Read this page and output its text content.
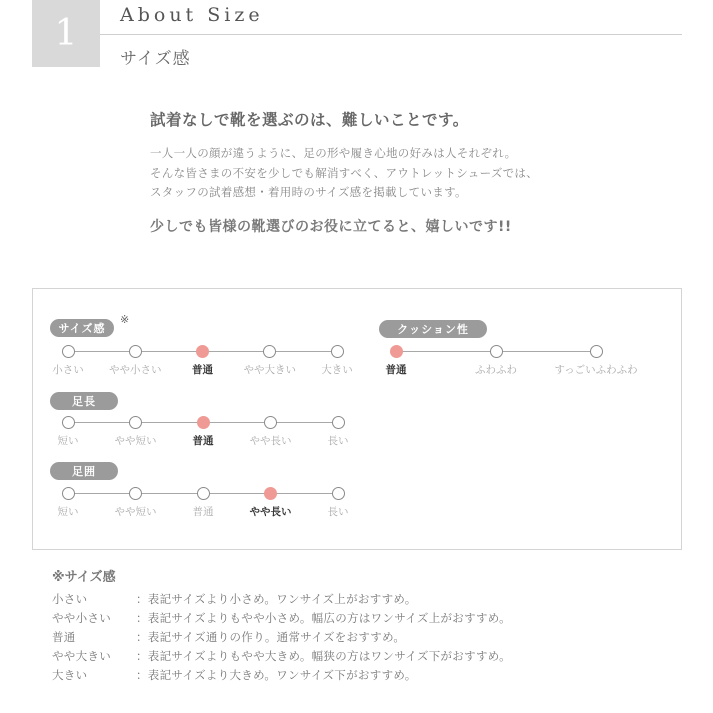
1	About Size
サイズ感
試着なしで靴を選ぶのは、難しいことです。
一人一人の顔が違うように、足の形や履き心地の好みは人それぞれ。
そんな皆さまの不安を少しでも解消すべく、アウトレットシューズでは、
スタッフの試着感想・着用時のサイズ感を掲載しています。
少しでも皆様の靴選びのお役に立てると、嬉しいです!!
サイズ感
※
足長
足囲
クッション性
小さい やや小さい	普通	やや大きい 大きい
短い	やや短い	普通	やや長い	長い
短い	やや短い	普通	やや長い	長い
普通	ふわふわ	すっごいふわふわ
※サイズ感
小さい	：表記サイズより小さめ。ワンサイズ上がおすすめ。
やや小さい ：表記サイズよりもやや小さめ。幅広の方はワンサイズ上がおすすめ。
普通	：表記サイズ通りの作り。通常サイズをおすすめ。
やや大きい ：表記サイズよりもやや大きめ。幅狭の方はワンサイズ下がおすすめ。
大きい	：表記サイズより大きめ。ワンサイズ下がおすすめ。
